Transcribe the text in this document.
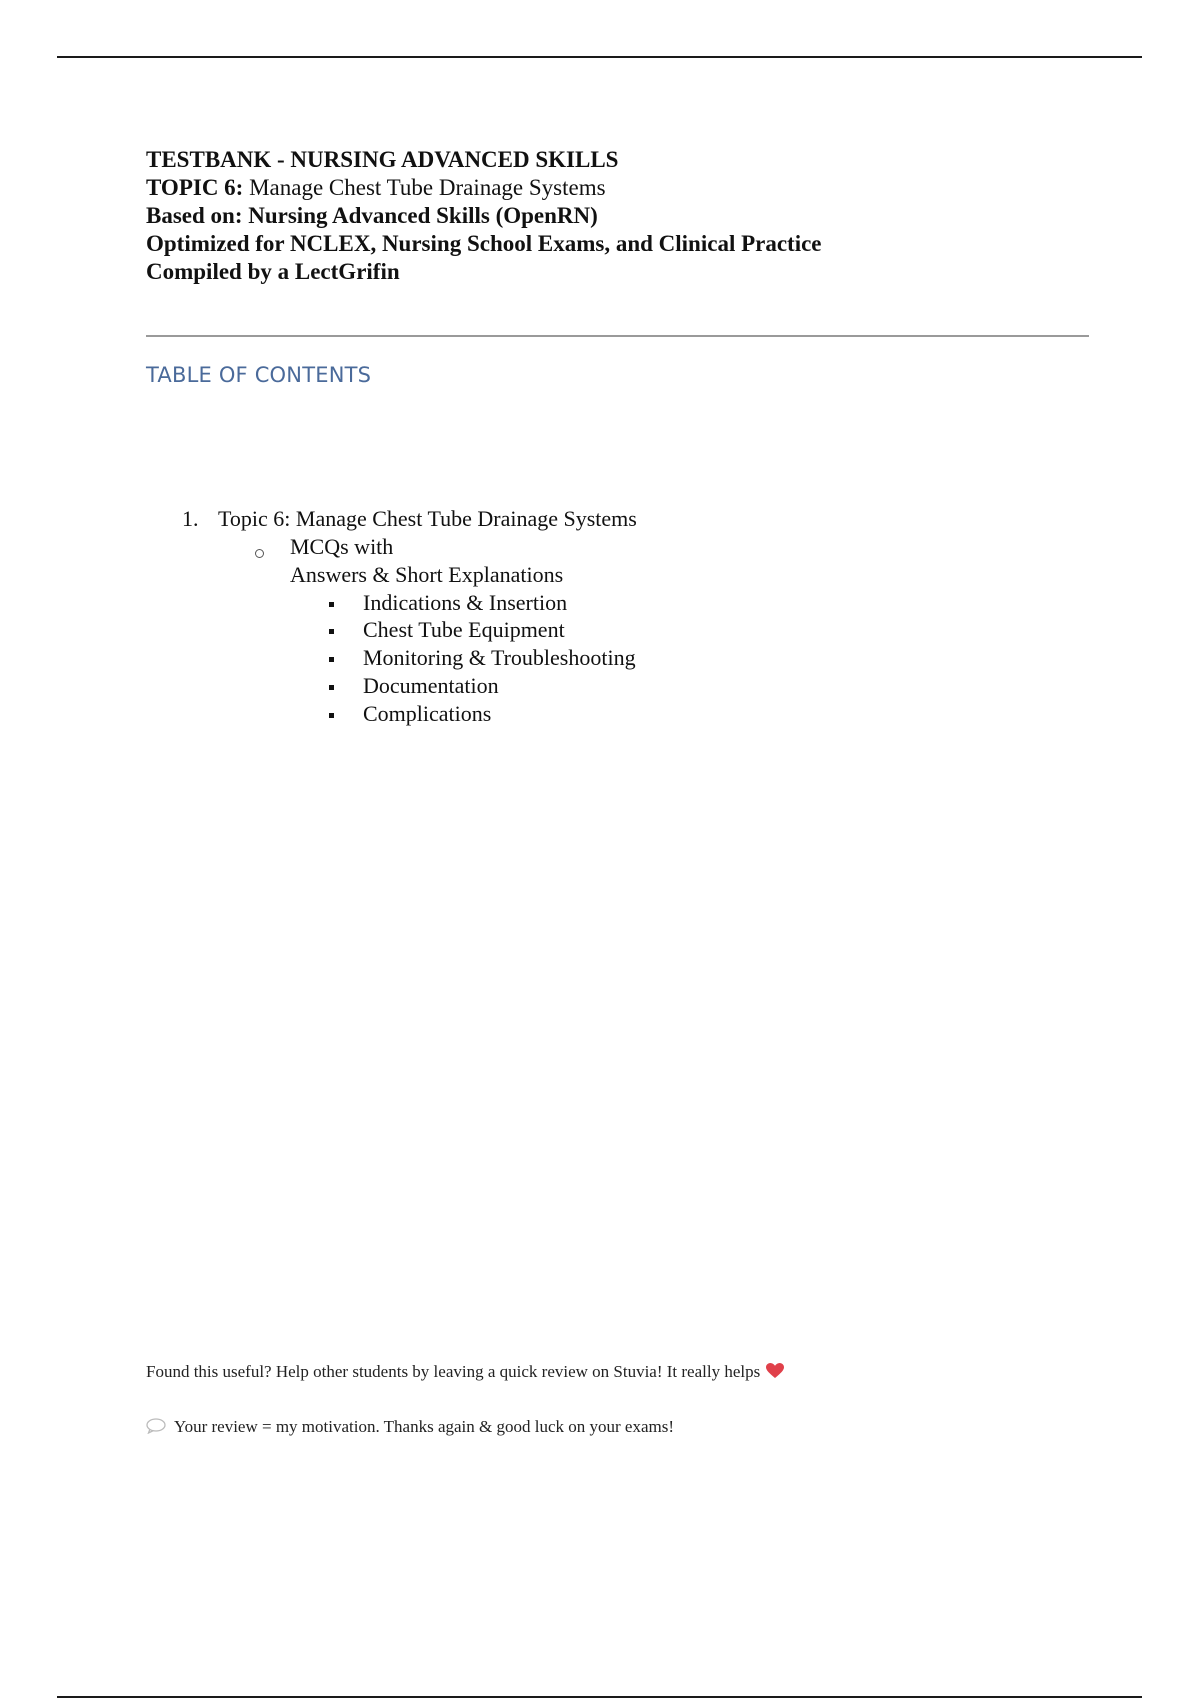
TESTBANK - NURSING ADVANCED SKILLS
TOPIC 6: Manage Chest Tube Drainage Systems
Based on: Nursing Advanced Skills (OpenRN)
Optimized for NCLEX, Nursing School Exams, and Clinical Practice
Compiled by a LectGrifin
TABLE OF CONTENTS
1. Topic 6: Manage Chest Tube Drainage Systems
MCQs with
Answers & Short Explanations
Indications & Insertion
Chest Tube Equipment
Monitoring & Troubleshooting
Documentation
Complications
Found this useful? Help other students by leaving a quick review on Stuvia! It really helps
Your review = my motivation. Thanks again & good luck on your exams!
